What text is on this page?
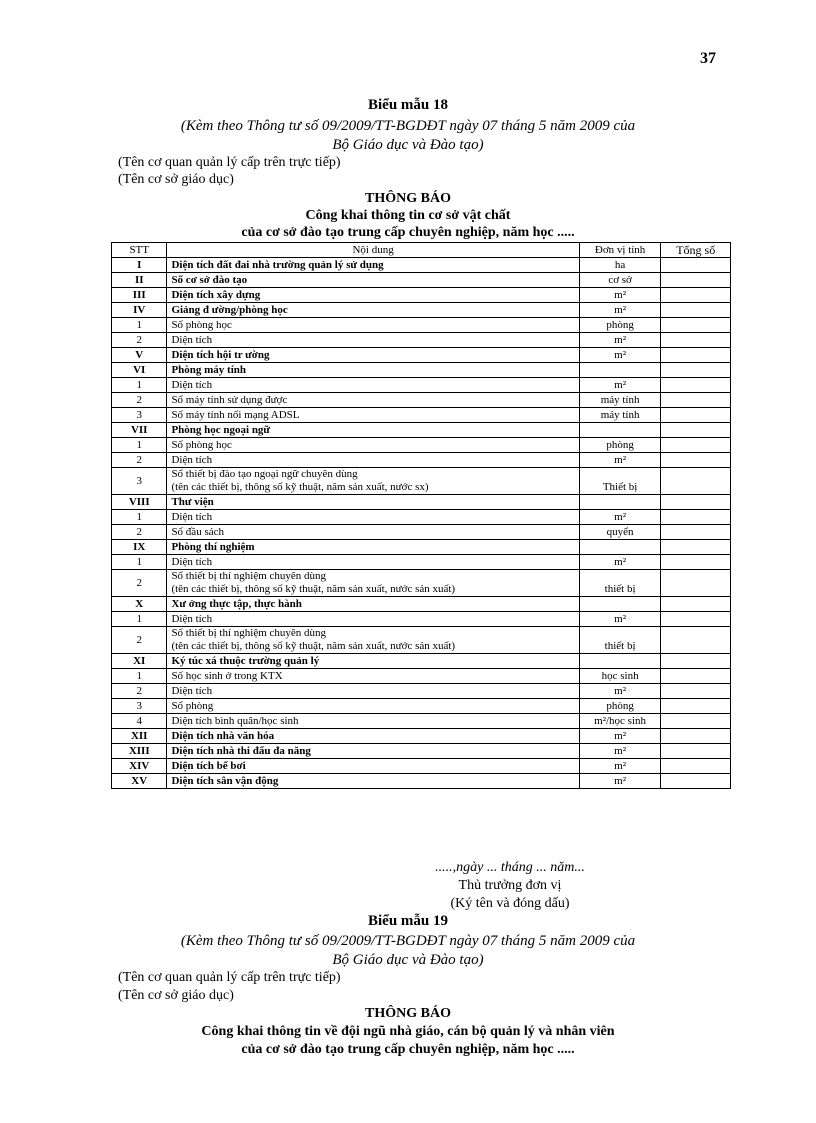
37
Biểu mẫu 18
(Kèm theo Thông tư số 09/2009/TT-BGDĐT ngày 07 tháng 5 năm 2009 của
Bộ Giáo dục và Đào tạo)
(Tên cơ quan quản lý cấp trên trực tiếp)
(Tên cơ sở giáo dục)
THÔNG BÁO
Công khai thông tin cơ sở vật chất
của cơ sở đào tạo trung cấp chuyên nghiệp, năm học .....
STT	Nội dung	Đơn vị tính	Tổng số
I	Diện tích đất đai nhà trường quản lý sử dụng	ha	
II	Số cơ sở đào tạo	cơ sở	
III	Diện tích xây dựng	m²	
IV	Giảng đ ường/phòng học	m²	
1	Số phòng học	phòng	
2	Diện tích	m²	
V	Diện tích hội tr ường	m²	
VI	Phòng máy tính		

1	Diện tích	m²	
2	Số máy tính sử dụng được	máy tính	
3	Số máy tính nối mạng ADSL	máy tính	
VII	Phòng học ngoại ngữ		

1	Số phòng học	phòng	
2	Diện tích	m²	
3	Số thiết bị đào tạo ngoại ngữ chuyên dùng
(tên các thiết bị, thông số kỹ thuật, năm sản xuất, nước sx)	Thiết bị	
VIII	Thư viện		

1	Diện tích	m²	
2	Số đầu sách	quyển	
IX	Phòng thí nghiệm		

1	Diện tích	m²	
2	Số thiết bị thí nghiệm chuyên dùng
(tên các thiết bị, thông số kỹ thuật, năm sản xuất, nước sản xuất)	thiết bị	
X	Xư ởng thực tập, thực hành		

1	Diện tích	m²	
2	Số thiết bị thí nghiệm chuyên dùng
(tên các thiết bị, thông số kỹ thuật, năm sản xuất, nước sản xuất)	thiết bị	
XI	Ký túc xá thuộc trường quản lý		

1	Số học sinh ở trong KTX	học sinh	
2	Diện tích	m²	
3	Số phòng	phòng	
4	Diện tích bình quân/học sinh	m²/học sinh	
XII	Diện tích nhà văn hóa	m²	
XIII	Diện tích nhà thi đấu đa năng	m²	
XIV	Diện tích bể bơi	m²	
XV	Diện tích sân vận động	m²	
.....,ngày ... tháng ... năm...
Thủ trưởng đơn vị
(Ký tên và đóng dấu)
Biểu mẫu 19
(Kèm theo Thông tư số 09/2009/TT-BGDĐT ngày 07 tháng 5 năm 2009 của
Bộ Giáo dục và Đào tạo)
(Tên cơ quan quản lý cấp trên trực tiếp)
(Tên cơ sở giáo dục)
THÔNG BÁO
Công khai thông tin về đội ngũ nhà giáo, cán bộ quản lý và nhân viên
của cơ sở đào tạo trung cấp chuyên nghiệp, năm học .....
